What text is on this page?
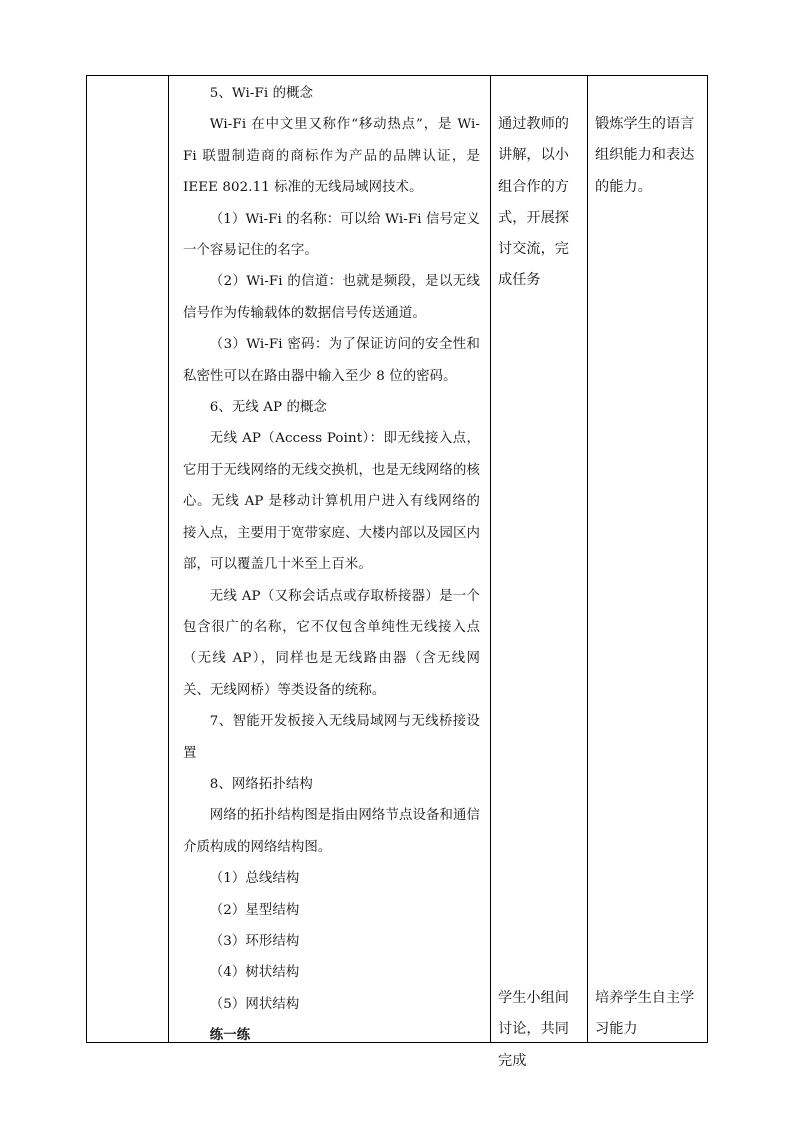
5、Wi-Fi 的概念

Wi-Fi 在中文里又称作“移动热点”，是 Wi-Fi 联盟制造商的商标作为产品的品牌认证，是 IEEE 802.11 标准的无线局域网技术。

（1）Wi-Fi 的名称：可以给 Wi-Fi 信号定义一个容易记住的名字。

（2）Wi-Fi 的信道：也就是频段，是以无线信号作为传输载体的数据信号传送通道。

（3）Wi-Fi 密码：为了保证访问的安全性和私密性可以在路由器中输入至少 8 位的密码。

6、无线 AP 的概念

无线 AP（Access Point）：即无线接入点，它用于无线网络的无线交换机，也是无线网络的核心。无线 AP 是移动计算机用户进入有线网络的接入点，主要用于宽带家庭、大楼内部以及园区内部，可以覆盖几十米至上百米。

无线 AP（又称会话点或存取桥接器）是一个包含很广的名称，它不仅包含单纯性无线接入点（无线 AP），同样也是无线路由器（含无线网关、无线网桥）等类设备的统称。

7、智能开发板接入无线局域网与无线桥接设置

8、网络拓扑结构

网络的拓扑结构图是指由网络节点设备和通信介质构成的网络结构图。

（1）总线结构

（2）星型结构

（3）环形结构

（4）树状结构

（5）网状结构

练一练

通过教师的讲解，以小组合作的方式，开展探讨交流，完成任务
学生小组间讨论，共同完成
锻炼学生的语言组织能力和表达的能力。
培养学生自主学习能力
